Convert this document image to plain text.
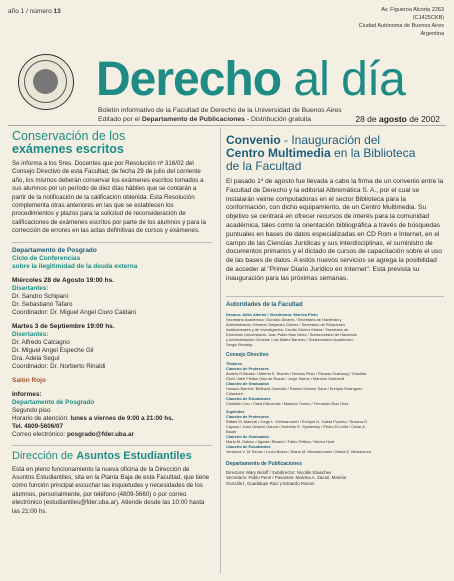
año 1 / número 13	Av. Figueroa Alcorta 2263
(C1425CKB)
Ciudad Autónoma de Buenos Aires
Argentina
Derecho al día
Boletín informativo de la Facultad de Derecho de la Universidad de Buenos Aires
Editado por el Departamento de Publicaciones - Distribución gratuita	28 de agosto de 2002
Conservación de los
exámenes escritos
Se informa a los Sres. Docentes que por Resolución nº 316/02 del Consejo Directivo de esta Facultad, de fecha 29 de julio del corriente año, los mismos deberán conservar los exámenes escritos tomados a sus alumnos por un período de diez días hábiles que se contarán a partir de la notificación de la calificación obtenida. Esta Resolución complementa otras anteriores en las que se establecen los procedimientos y plazos para la solicitud de reconsideración de calificaciones de exámenes escritos por parte de los alumnos y para la corrección de errores en las actas definitivas de cursos y exámenes.
Departamento de Posgrado
Ciclo de Conferencias
sobre la ilegitimidad de la deuda externa
Miércoles 28 de Agosto 19:00 hs.
Disertantes:
Dr. Sandro Schipani
Dr. Sebastiano Tafaro
Coordinador: Dr. Miguel Angel Ciuro Caldani
Martes 3 de Septiembre 19:00 hs.
Disertantes:
Dr. Alfredo Calcagno
Dr. Miguel Angel Espeche Gil
Dra. Adela Seguí
Coordinador: Dr. Norberto Rinaldi
Salón Rojo
Informes:
Departamento de Posgrado
Segundo piso
Horario de atención: lunes a viernes de 9:00 a 21:00 hs.
Tel. 4809-5606/07
Correo electrónico: posgrado@fder.uba.ar
Dirección de Asuntos Estudiantiles
Está en pleno funcionamiento la nueva oficina de la Dirección de Asuntos Estudiantiles, sita en la Planta Baja de esta Facultad, que tiene como función principal escuchar las inquietudes y necesidades de los alumnos, personalmente, por teléfono (4809-5660) o por correo electrónico (estudiantiles@fder.uba.ar). Atiende desde las 10:00 hasta las 21:00 hs.
Convenio - Inauguración del
Centro Multimedia en la Biblioteca
de la Facultad
El pasado 1º de agosto fue llevada a cabo la firma de un convenio entre la Facultad de Derecho y la editorial Albremática S. A., por el cual se instalarán veinte computadoras en el sector Biblioteca para la conformación, con dicho equipamiento, de un Centro Multimedia. Su objetivo se centrará en ofrecer recursos de interés para la comunidad académica, tales como la orientación bibliográfica a través de búsquedas puntuales en bases de datos especializadas en CD Rom e Internet, en el campo de las Ciencias Jurídicas y sus interdisciplinas, el suministro de documentos primarios y el dictado de cursos de capacitación sobre el uso de las bases de datos. A estos nuevos servicios se agrega la posibilidad de acceder al "Primer Diario Jurídico en Internet". Está prevista su inauguración para las próximas semanas.
Autoridades de la Facultad
Decano: Atilio Alterini / Vicedecano: Mónica Pinto
Secretario Académico: Gonzalo Álvarez / Secretaria de Hacienda y
Administración General: Alejandro Gómez / Secretario de Relaciones
Institucionales y de Investigación: Cecilia Gómez Masía / Secretario de
Extensión Universitaria: Juan Pablo Mas Velez / Subsecretario de Hacienda
y Administración General: Luis Mateo Barreiro / Subsecretario Académico:
Sergio Brodsky
Consejo Directivo
Titulares
Claustro de Profesores
Andrés D'Alessio / Alberto E. Bueres / Mónica Pinto / Ricardo Guibourg / Graciela
Gurfi / Abel Fleitas Ortiz de Rozas / Jorge Sáenz / Marcelo Gebhardt
Claustro de Graduados
Horacio Barrioli / Beltrand Zamudio / Ramiro Monner Sans / Enrique Rodríguez
Chiantore
Claustro de Estudiantes
Christian Cao / Clara Kilsnevick / Mariano Tomeo / Fernando Ruiz Díaz
Suplentes
Claustro de Profesores
Rafael M. Manóvil / Jorge L. Kielmanovich / Enrique N. Zuleta Puceiro / Susana G.
Cayuso / Juan Octavio Gauna / Norberto E. Spolansky / Pedro Di Lella / César A.
Bauer
Claustro de Graduados
Maria M. Dalsoo / Agustín Rivachi / Fabio Pettica / Héctor Huíd
Claustro de Estudiantes
Verónica V. Di Tomas / Lucía Bozza / Diana M. Nieuwenmann / María E. Bentancour
Departamento de Publicaciones
Directora: Mary Beloff / Subdirector: Nicolás Eliaschev
Secretario: Pablo Perel / Pasantes: Malvina A. Zacari, Mariela
González, Guadalupe Ruiz y Eduardo Raices
